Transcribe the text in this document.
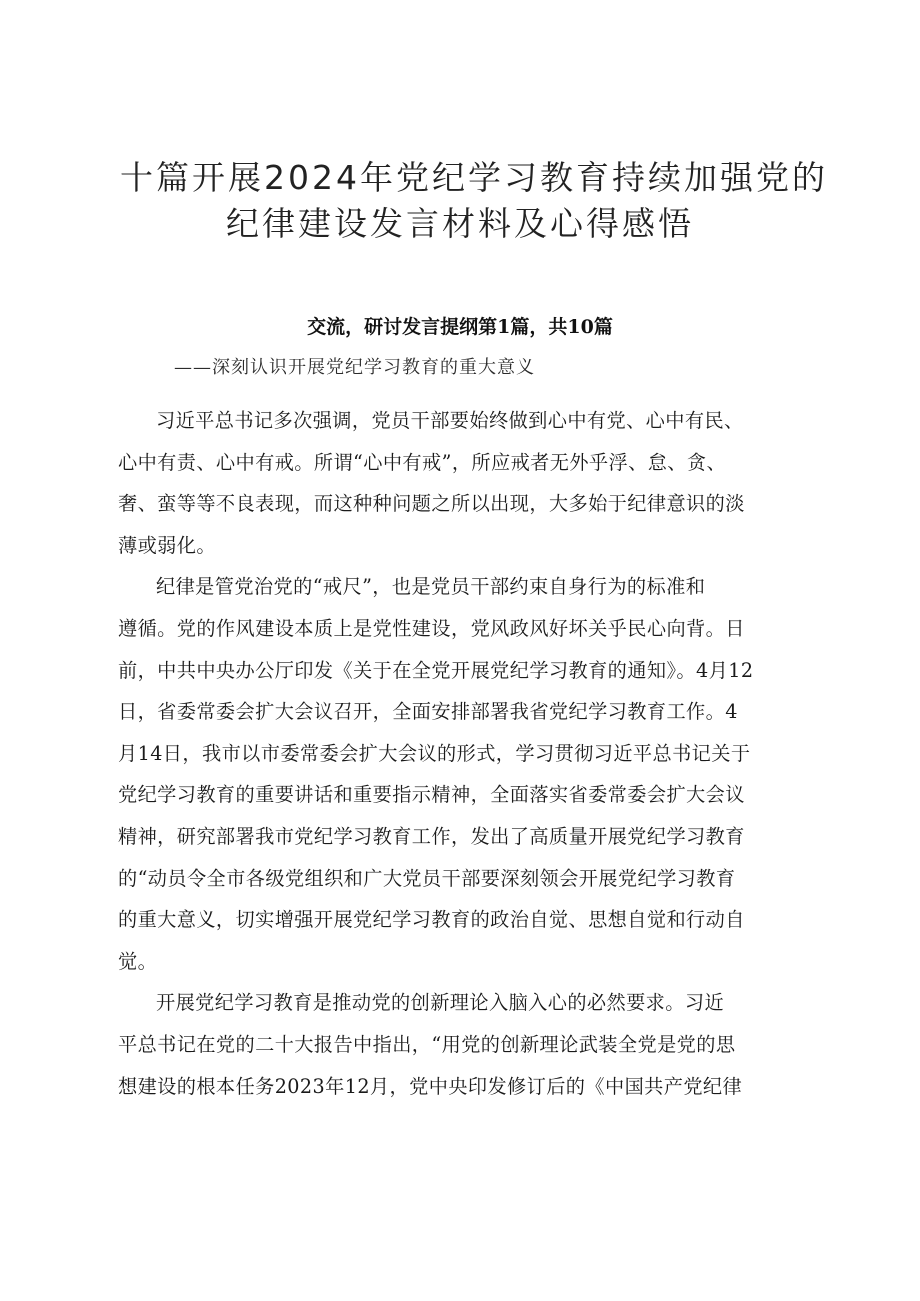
十篇开展2024年党纪学习教育持续加强党的
纪律建设发言材料及心得感悟
交流，研讨发言提纲第1篇，共10篇
——深刻认识开展党纪学习教育的重大意义
习近平总书记多次强调，党员干部要始终做到心中有党、心中有民、
心中有责、心中有戒。所谓“心中有戒”，所应戒者无外乎浮、怠、贪、
奢、蛮等等不良表现，而这种种问题之所以出现，大多始于纪律意识的淡
薄或弱化。
纪律是管党治党的“戒尺”，也是党员干部约束自身行为的标准和
遵循。党的作风建设本质上是党性建设，党风政风好坏关乎民心向背。日
前，中共中央办公厅印发《关于在全党开展党纪学习教育的通知》。4月12
日，省委常委会扩大会议召开，全面安排部署我省党纪学习教育工作。4
月14日，我市以市委常委会扩大会议的形式，学习贯彻习近平总书记关于
党纪学习教育的重要讲话和重要指示精神，全面落实省委常委会扩大会议
精神，研究部署我市党纪学习教育工作，发出了高质量开展党纪学习教育
的“动员令全市各级党组织和广大党员干部要深刻领会开展党纪学习教育
的重大意义，切实增强开展党纪学习教育的政治自觉、思想自觉和行动自
觉。
开展党纪学习教育是推动党的创新理论入脑入心的必然要求。习近
平总书记在党的二十大报告中指出，“用党的创新理论武装全党是党的思
想建设的根本任务2023年12月，党中央印发修订后的《中国共产党纪律
